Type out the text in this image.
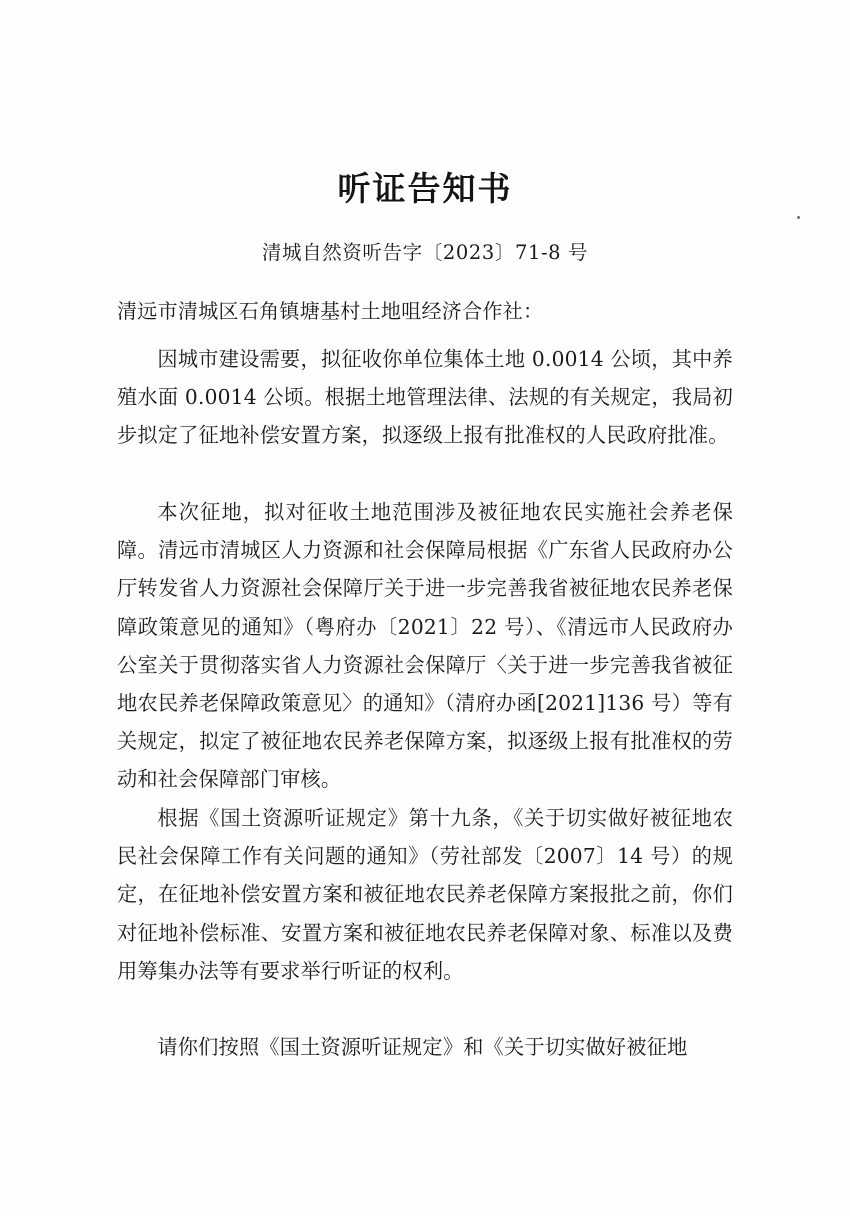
听证告知书
清城自然资听告字〔2023〕71-8 号
清远市清城区石角镇塘基村土地咀经济合作社：
因城市建设需要，拟征收你单位集体土地 0.0014 公顷，其中养殖水面 0.0014 公顷。根据土地管理法律、法规的有关规定，我局初步拟定了征地补偿安置方案，拟逐级上报有批准权的人民政府批准。
本次征地，拟对征收土地范围涉及被征地农民实施社会养老保障。清远市清城区人力资源和社会保障局根据《广东省人民政府办公厅转发省人力资源社会保障厅关于进一步完善我省被征地农民养老保障政策意见的通知》（粤府办〔2021〕22 号）、《清远市人民政府办公室关于贯彻落实省人力资源社会保障厅〈关于进一步完善我省被征地农民养老保障政策意见〉的通知》（清府办函[2021]136 号）等有关规定，拟定了被征地农民养老保障方案，拟逐级上报有批准权的劳动和社会保障部门审核。
根据《国土资源听证规定》第十九条，《关于切实做好被征地农民社会保障工作有关问题的通知》（劳社部发〔2007〕14 号）的规定，在征地补偿安置方案和被征地农民养老保障方案报批之前，你们对征地补偿标准、安置方案和被征地农民养老保障对象、标准以及费用筹集办法等有要求举行听证的权利。
请你们按照《国土资源听证规定》和《关于切实做好被征地
